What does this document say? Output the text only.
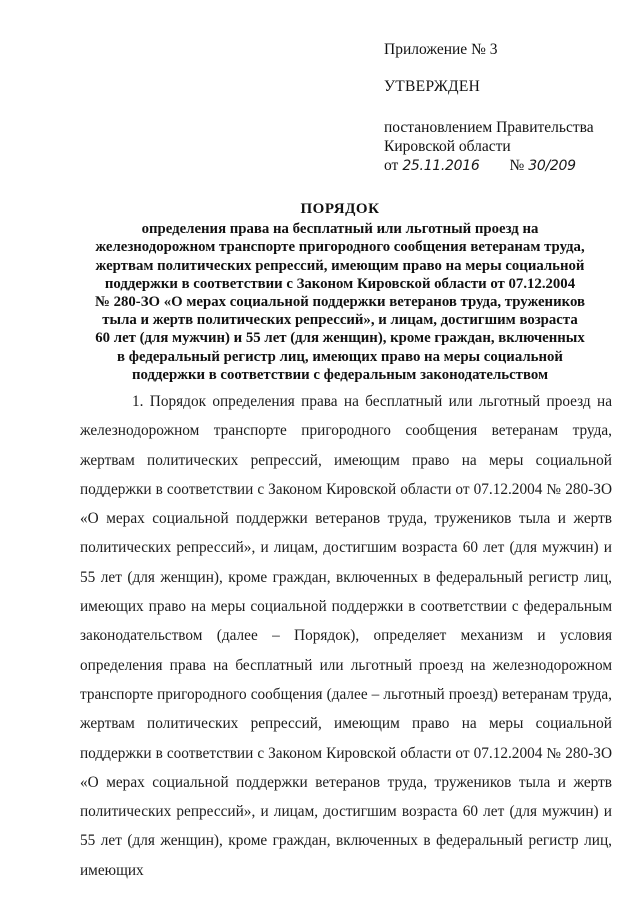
Приложение № 3

УТВЕРЖДЕН

постановлением Правительства

Кировской области

от 25.11.2016 № 30/209
ПОРЯДОК

определения права на бесплатный или льготный проезд на

железнодорожном транспорте пригородного сообщения ветеранам труда,

жертвам политических репрессий, имеющим право на меры социальной

поддержки в соответствии с Законом Кировской области от 07.12.2004

№ 280-ЗО «О мерах социальной поддержки ветеранов труда, тружеников

тыла и жертв политических репрессий», и лицам, достигшим возраста

60 лет (для мужчин) и 55 лет (для женщин), кроме граждан, включенных

в федеральный регистр лиц, имеющих право на меры социальной

поддержки в соответствии с федеральным законодательством

1. Порядок определения права на бесплатный или льготный проезд на железнодорожном транспорте пригородного сообщения ветеранам труда, жертвам политических репрессий, имеющим право на меры социальной поддержки в соответствии с Законом Кировской области от 07.12.2004 № 280-ЗО «О мерах социальной поддержки ветеранов труда, тружеников тыла и жертв политических репрессий», и лицам, достигшим возраста 60 лет (для мужчин) и 55 лет (для женщин), кроме граждан, включенных в федеральный регистр лиц, имеющих право на меры социальной поддержки в соответствии с федеральным законодательством (далее – Порядок), определяет механизм и условия определения права на бесплатный или льготный проезд на железнодорожном транспорте пригородного сообщения (далее – льготный проезд) ветеранам труда, жертвам политических репрессий, имеющим право на меры социальной поддержки в соответствии с Законом Кировской области от 07.12.2004 № 280-ЗО «О мерах социальной поддержки ветеранов труда, тружеников тыла и жертв политических репрессий», и лицам, достигшим возраста 60 лет (для мужчин) и 55 лет (для женщин), кроме граждан, включенных в федеральный регистр лиц, имеющих
